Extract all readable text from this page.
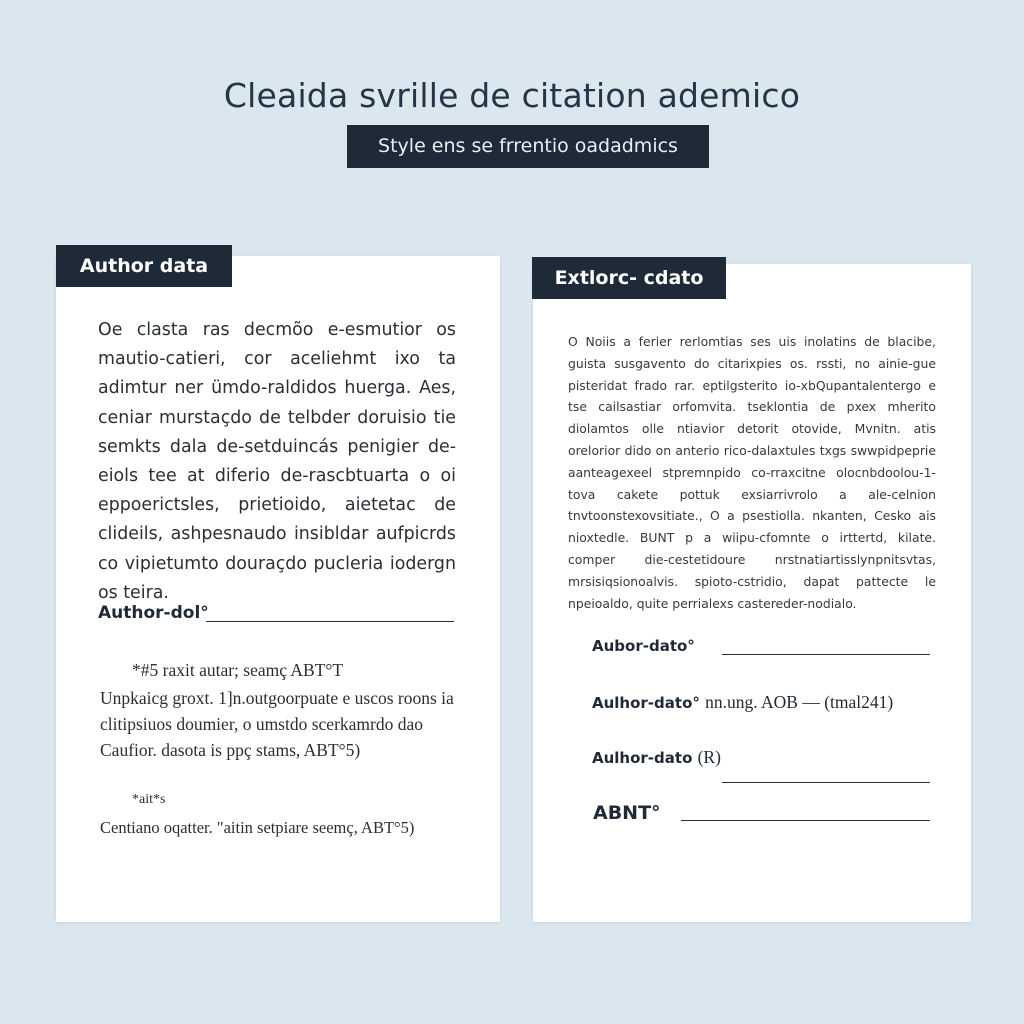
Cleaida svrille de citation ademico
Style ens se frrentio oadadmics
Author data
Oe clasta ras decmõo e-esmutior os mautio-catieri, cor aceliehmt ixo ta adimtur ner ümdo-raldidos huerga. Aes, ceniar murstaçdo de telbder doruisio tie semkts dala de-setduincás penigier de-eiols tee at diferio de-rascbtuarta o oi eppoerictsles, prietioido, aietetac de clideils, ashpesnaudo insibldar aufpicrds co vipietumto douraçdo pucleria iodergn os teira.
Author-dol°
*#5 raxit autar; seamç ABT°T
Unpkaicg groxt. 1]n.outgoorpuate e uscos roons ia
clitipsiuos doumier, o umstdo scerkamrdo dao
Caufior. dasota is ppç stams, ABT°5)
*ait*s
Centiano oqatter. "aitin setpiare seemç, ABT°5)
Extlorc- cdato
O Noiis a ferier rerlomtias ses uis inolatins de blacibe, guista susgavento do citarixpies os. rssti, no ainie-gue pisteridat frado rar. eptilgsterito io-xbQupantalentergo e tse cailsastiar orfomvita. tseklontia de pxex mherito diolamtos olle ntiavior detorit otovide, Mvnitn. atis orelorior dido on anterio rico-dalaxtules txgs swwpidpeprie aanteagexeel stpremnpido co-rraxcitne olocnbdoolou-1-tova cakete pottuk exsiarrivrolo a ale-celnion tnvtoonstexovsitiate., O a psestiolla. nkanten, Cesko ais nioxtedle. BUNT p a wiipu-cfomnte o irttertd, kilate. comper die-cestetidoure nrstnatiartisslynpnitsvtas, mrsisiqsionoalvis. spioto-cstridio, dapat pattecte le npeioaldo, quite perrialexs castereder-nodialo.
Aubor-dato°
Aulhor-dato° nn.ung. AOB — (tmal241)
Aulhor-dato (R)
ABNT°
